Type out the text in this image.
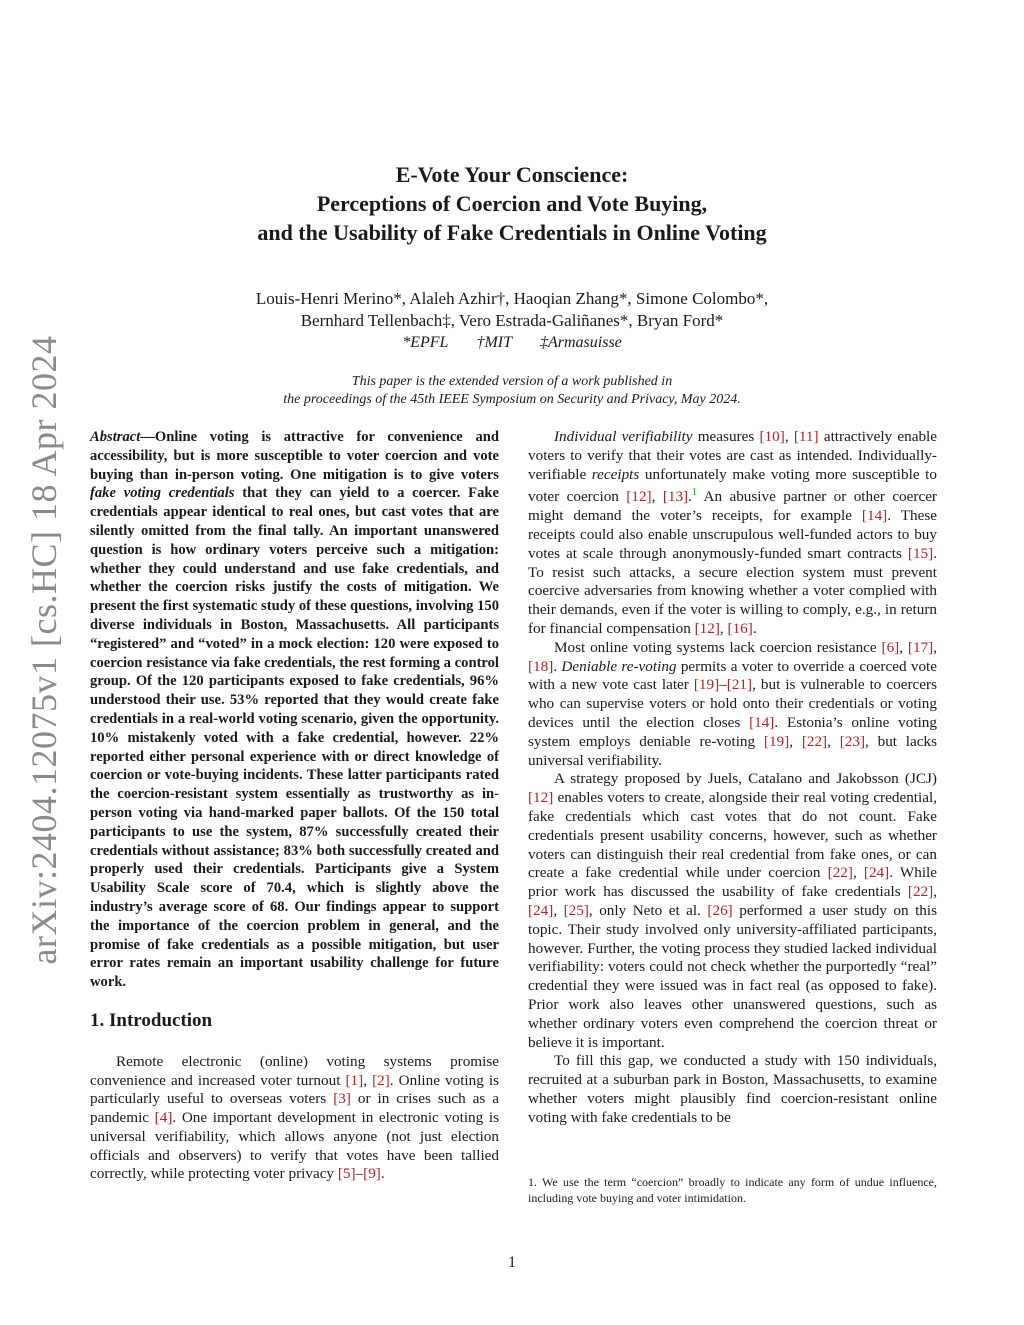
arXiv:2404.12075v1 [cs.HC] 18 Apr 2024
E-Vote Your Conscience:
Perceptions of Coercion and Vote Buying,
and the Usability of Fake Credentials in Online Voting
Louis-Henri Merino*, Alaleh Azhir†, Haoqian Zhang*, Simone Colombo*,
Bernhard Tellenbach‡, Vero Estrada-Galiñanes*, Bryan Ford*
*EPFL †MIT ‡Armasuisse
This paper is the extended version of a work published in
the proceedings of the 45th IEEE Symposium on Security and Privacy, May 2024.
Abstract—Online voting is attractive for convenience and accessibility, but is more susceptible to voter coercion and vote buying than in-person voting. One mitigation is to give voters fake voting credentials that they can yield to a coercer. Fake credentials appear identical to real ones, but cast votes that are silently omitted from the final tally. An important unanswered question is how ordinary voters perceive such a mitigation: whether they could understand and use fake credentials, and whether the coercion risks justify the costs of mitigation. We present the first systematic study of these questions, involving 150 diverse individuals in Boston, Massachusetts. All participants “registered” and “voted” in a mock election: 120 were exposed to coercion resistance via fake credentials, the rest forming a control group. Of the 120 participants exposed to fake credentials, 96% understood their use. 53% reported that they would create fake credentials in a real-world voting scenario, given the opportunity. 10% mistakenly voted with a fake credential, however. 22% reported either personal experience with or direct knowledge of coercion or vote-buying incidents. These latter participants rated the coercion-resistant system essentially as trustworthy as in-person voting via hand-marked paper ballots. Of the 150 total participants to use the system, 87% successfully created their credentials without assistance; 83% both successfully created and properly used their credentials. Participants give a System Usability Scale score of 70.4, which is slightly above the industry’s average score of 68. Our findings appear to support the importance of the coercion problem in general, and the promise of fake credentials as a possible mitigation, but user error rates remain an important usability challenge for future work.
1. Introduction

Remote electronic (online) voting systems promise convenience and increased voter turnout [1], [2]. Online voting is particularly useful to overseas voters [3] or in crises such as a pandemic [4]. One important development in electronic voting is universal verifiability, which allows anyone (not just election officials and observers) to verify that votes have been tallied correctly, while protecting voter privacy [5]–[9].

Individual verifiability measures [10], [11] attractively enable voters to verify that their votes are cast as intended. Individually-verifiable receipts unfortunately make voting more susceptible to voter coercion [12], [13].$^1$ An abusive partner or other coercer might demand the voter’s receipts, for example [14]. These receipts could also enable unscrupulous well-funded actors to buy votes at scale through anonymously-funded smart contracts [15]. To resist such attacks, a secure election system must prevent coercive adversaries from knowing whether a voter complied with their demands, even if the voter is willing to comply, e.g., in return for financial compensation [12], [16].

Most online voting systems lack coercion resistance [6], [17], [18]. Deniable re-voting permits a voter to override a coerced vote with a new vote cast later [19]–[21], but is vulnerable to coercers who can supervise voters or hold onto their credentials or voting devices until the election closes [14]. Estonia’s online voting system employs deniable re-voting [19], [22], [23], but lacks universal verifiability.

A strategy proposed by Juels, Catalano and Jakobsson (JCJ) [12] enables voters to create, alongside their real voting credential, fake credentials which cast votes that do not count. Fake credentials present usability concerns, however, such as whether voters can distinguish their real credential from fake ones, or can create a fake credential while under coercion [22], [24]. While prior work has discussed the usability of fake credentials [22], [24], [25], only Neto et al. [26] performed a user study on this topic. Their study involved only university-affiliated participants, however. Further, the voting process they studied lacked individual verifiability: voters could not check whether the purportedly “real” credential they were issued was in fact real (as opposed to fake). Prior work also leaves other unanswered questions, such as whether ordinary voters even comprehend the coercion threat or believe it is important.

To fill this gap, we conducted a study with 150 individuals, recruited at a suburban park in Boston, Massachusetts, to examine whether voters might plausibly find coercion-resistant online voting with fake credentials to be

1. We use the term “coercion” broadly to indicate any form of undue influence, including vote buying and voter intimidation.
1
